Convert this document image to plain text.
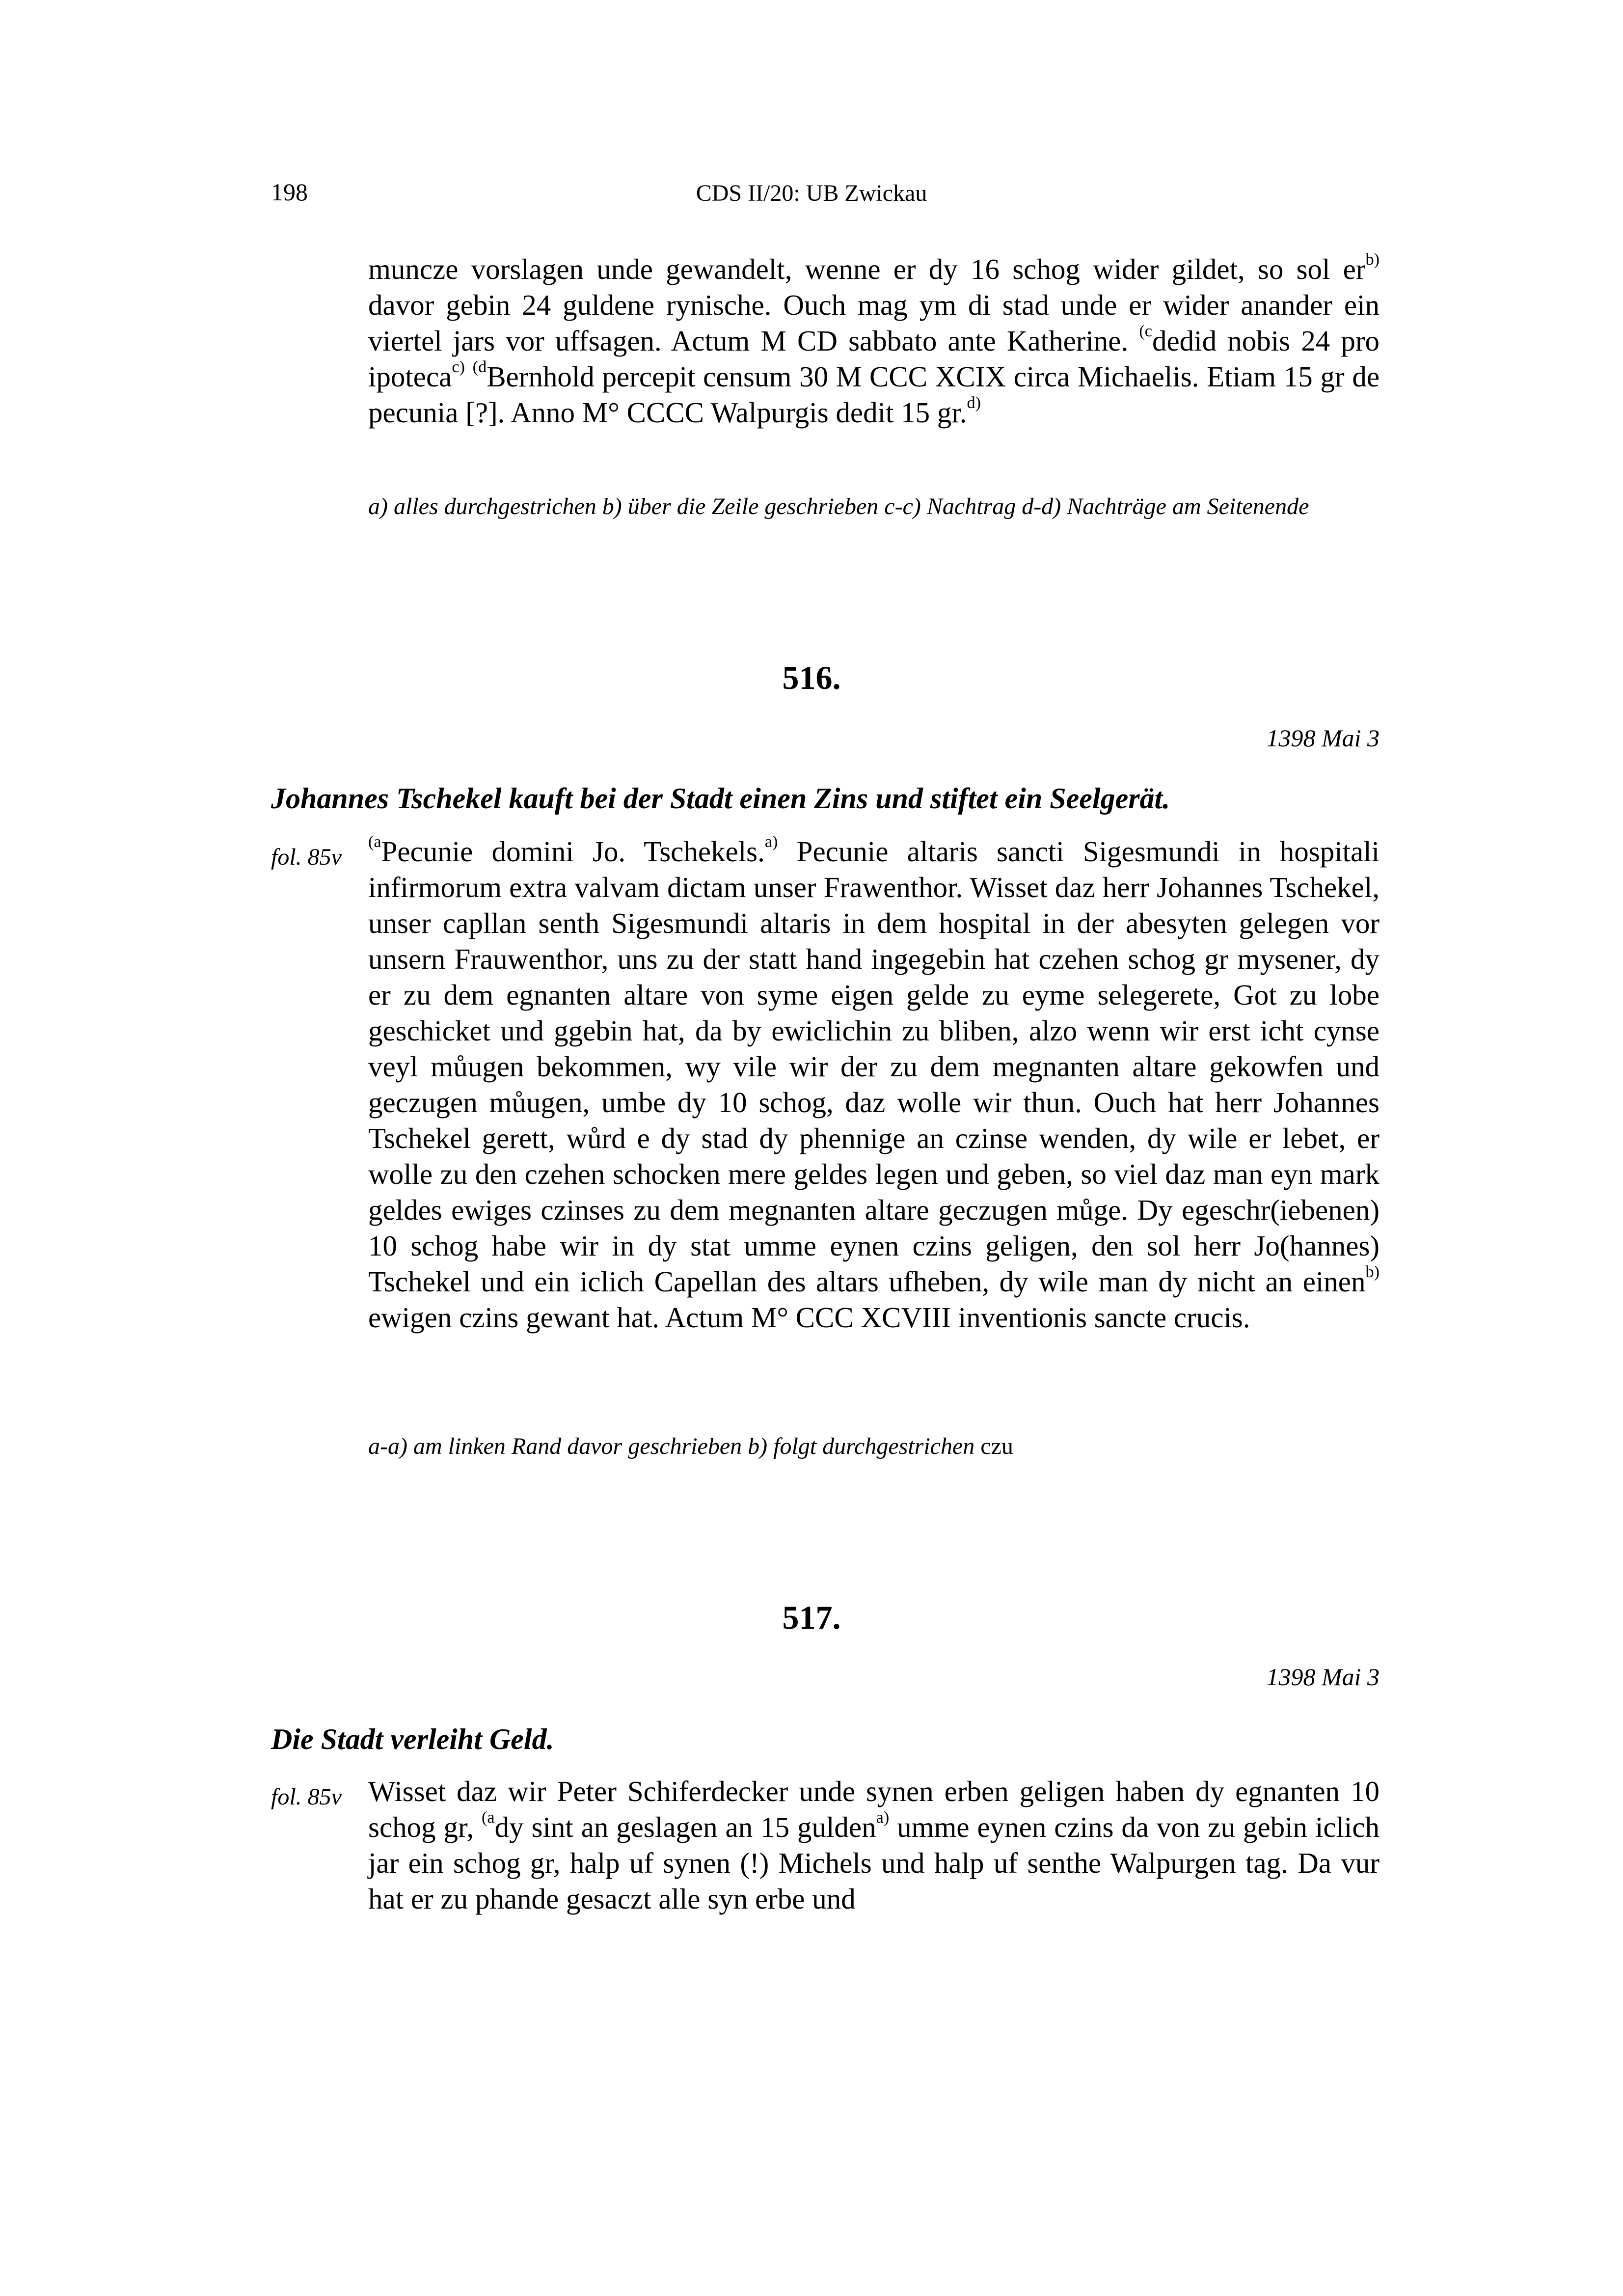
198	CDS II/20: UB Zwickau
muncze vorslagen unde gewandelt, wenne er dy 16 schog wider gildet, so sol $er^{b)}$ davor gebin 24 guldene rynische. Ouch mag ym di stad unde er wider anander ein viertel jars vor uffsagen. Actum M CD sabbato ante Katherine. $^{(c}$dedid nobis 24 pro ipoteca$^{c)}$ $^{(d}$Bernhold percepit censum 30 M CCC XCIX circa Michaelis. Etiam 15 gr de pecunia [?]. Anno M° CCCC Walpurgis dedit 15 gr.$^{d)}$
a) alles durchgestrichen b) über die Zeile geschrieben c-c) Nachtrag d-d) Nachträge am Seitenende
516.
1398 Mai 3
Johannes Tschekel kauft bei der Stadt einen Zins und stiftet ein Seelgerät.
fol. 85v
$^{(a}$Pecunie domini Jo. Tschekels.$^{a)}$ Pecunie altaris sancti Sigesmundi in hospitali infirmorum extra valvam dictam unser Frawenthor. Wisset daz herr Johannes Tschekel, unser capllan senth Sigesmundi altaris in dem hospital in der abesyten gelegen vor unsern Frauwenthor, uns zu der statt hand ingegebin hat czehen schog gr mysener, dy er zu dem egnanten altare von syme eigen gelde zu eyme selegerete, Got zu lobe geschicket und ggebin hat, da by ewiclichin zu bliben, alzo wenn wir erst icht cynse veyl můugen bekommen, wy vile wir der zu dem megnanten altare gekowfen und geczugen můugen, umbe dy 10 schog, daz wolle wir thun. Ouch hat herr Johannes Tschekel gerett, wůrd e dy stad dy phennige an czinse wenden, dy wile er lebet, er wolle zu den czehen schocken mere geldes legen und geben, so viel daz man eyn mark geldes ewiges czinses zu dem megnanten altare geczugen můge. Dy egeschr(iebenen) 10 schog habe wir in dy stat umme eynen czins geligen, den sol herr Jo(hannes) Tschekel und ein iclich Capellan des altars ufheben, dy wile man dy nicht an einen$^{b)}$ ewigen czins gewant hat. Actum M° CCC XCVIII inventionis sancte crucis.
a-a) am linken Rand davor geschrieben b) folgt durchgestrichen czu
517.
1398 Mai 3
Die Stadt verleiht Geld.
fol. 85v Wisset daz wir Peter Schiferdecker unde synen erben geligen haben dy egnanten 10 schog gr, $^{(a}$dy sint an geslagen an 15 gulden$^{a)}$ umme eynen czins da von zu gebin iclich jar ein schog gr, halp uf synen (!) Michels und halp uf senthe Walpurgen tag. Da vur hat er zu phande gesaczt alle syn erbe und
